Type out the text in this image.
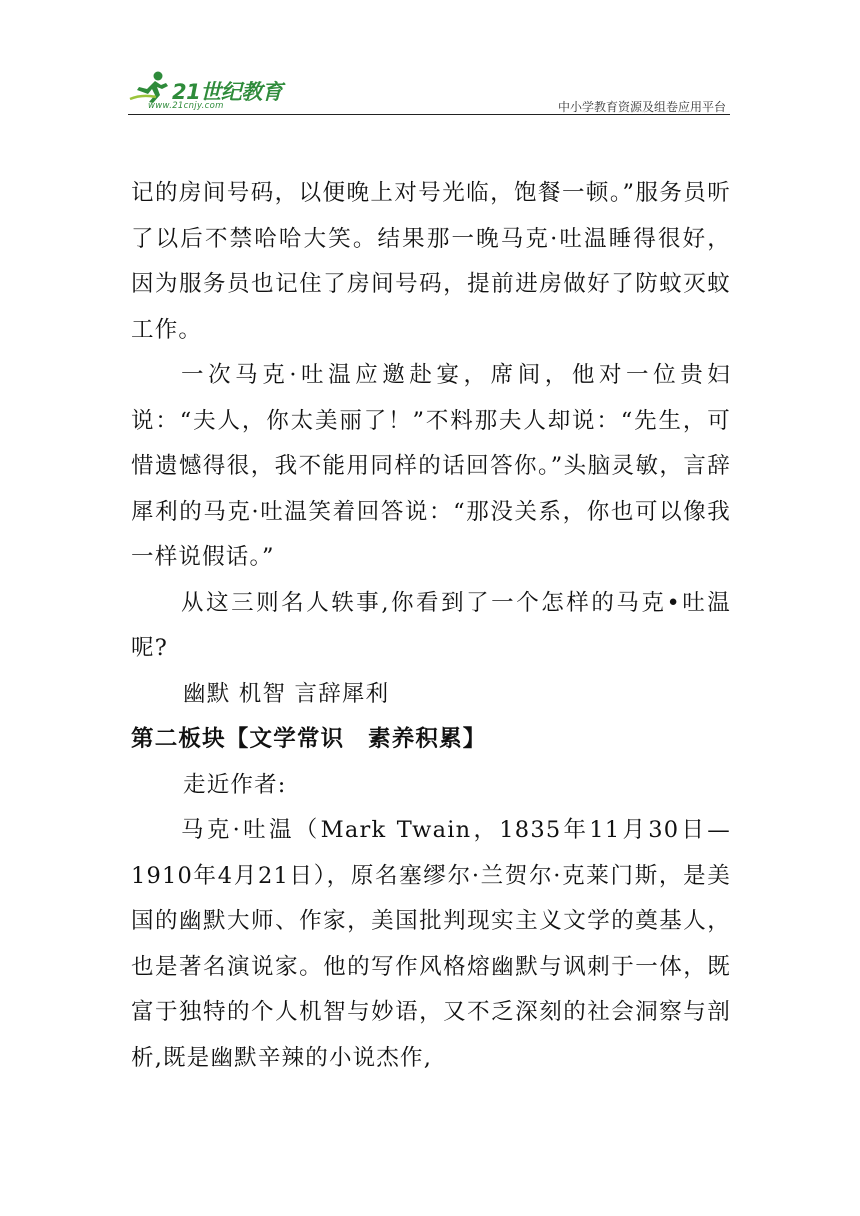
21世纪教育
www.21cnjy.com	中小学教育资源及组卷应用平台

记的房间号码，以便晚上对号光临，饱餐一顿。”服务员听了以后不禁哈哈大笑。结果那一晚马克·吐温睡得很好，因为服务员也记住了房间号码，提前进房做好了防蚊灭蚊工作。

一次马克·吐温应邀赴宴，席间，他对一位贵妇说：“夫人，你太美丽了！”不料那夫人却说：“先生，可惜遗憾得很，我不能用同样的话回答你。”头脑灵敏，言辞犀利的马克·吐温笑着回答说：“那没关系，你也可以像我一样说假话。”

从这三则名人轶事,你看到了一个怎样的马克•吐温呢?

幽默 机智 言辞犀利

第二板块【文学常识　素养积累】

走近作者:

马克·吐温（Mark Twain，1835年11月30日—1910年4月21日），原名塞缪尔·兰贺尔·克莱门斯，是美国的幽默大师、作家，美国批判现实主义文学的奠基人，也是著名演说家。他的写作风格熔幽默与讽刺于一体，既富于独特的个人机智与妙语，又不乏深刻的社会洞察与剖析,既是幽默辛辣的小说杰作,
